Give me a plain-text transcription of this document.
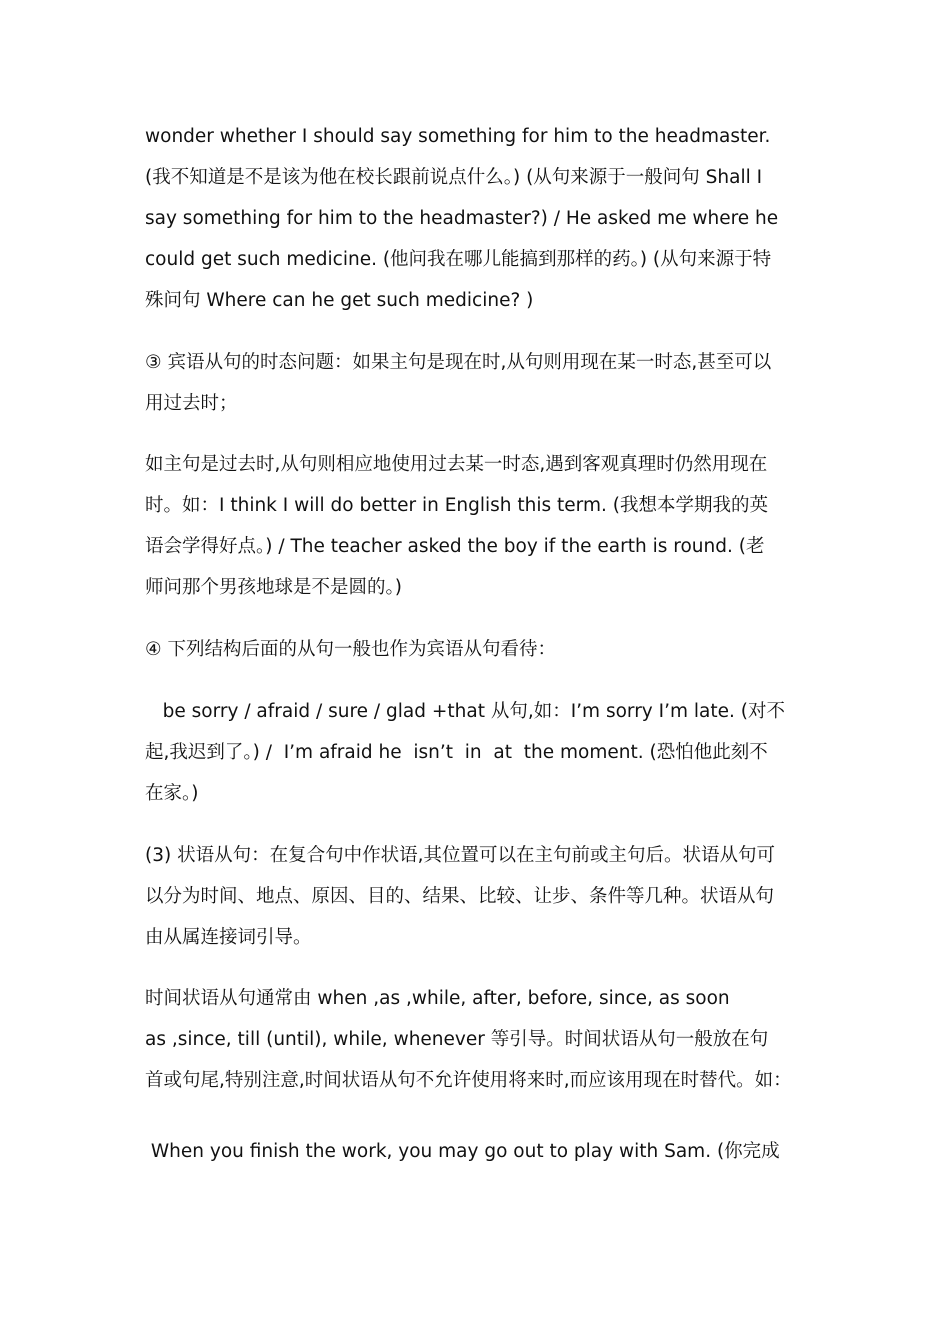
wonder whether I should say something for him to the headmaster.
(我不知道是不是该为他在校长跟前说点什么。) (从句来源于一般问句 Shall I
say something for him to the headmaster?) / He asked me where he
could get such medicine. (他问我在哪儿能搞到那样的药。) (从句来源于特
殊问句 Where can he get such medicine? )

③ 宾语从句的时态问题：如果主句是现在时,从句则用现在某一时态,甚至可以
用过去时；

如主句是过去时,从句则相应地使用过去某一时态,遇到客观真理时仍然用现在
时。如：I think I will do better in English this term. (我想本学期我的英
语会学得好点。) / The teacher asked the boy if the earth is round. (老
师问那个男孩地球是不是圆的。)

④ 下列结构后面的从句一般也作为宾语从句看待：

be sorry / afraid / sure / glad +that 从句,如：I’m sorry I’m late. (对不
起,我迟到了。) /  I’m afraid he  isn’t  in  at  the moment. (恐怕他此刻不
在家。)

(3) 状语从句：在复合句中作状语,其位置可以在主句前或主句后。状语从句可
以分为时间、地点、原因、目的、结果、比较、让步、条件等几种。状语从句
由从属连接词引导。

时间状语从句通常由 when ,as ,while, after, before, since, as soon
as ,since, till (until), while, whenever 等引导。时间状语从句一般放在句
首或句尾,特别注意,时间状语从句不允许使用将来时,而应该用现在时替代。如：

When you finish the work, you may go out to play with Sam. (你完成
